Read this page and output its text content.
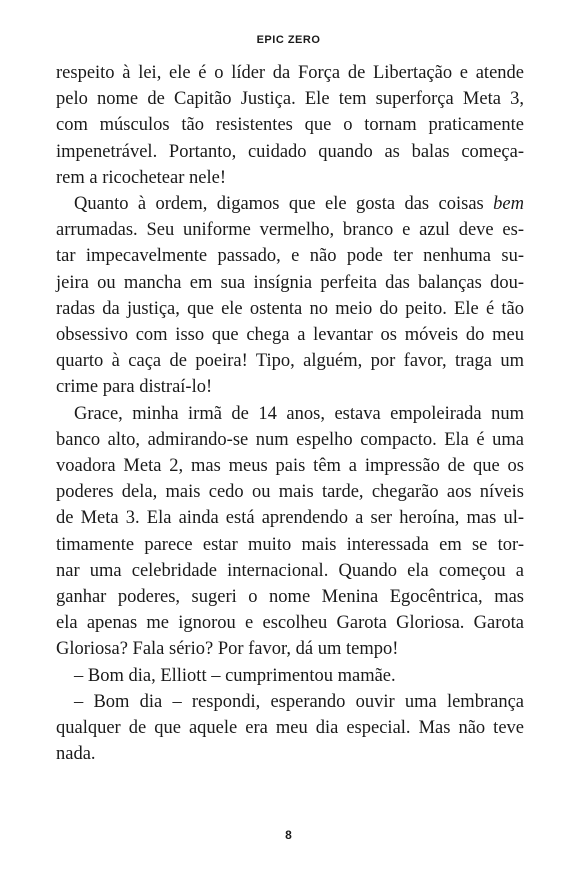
EPIC ZERO
respeito à lei, ele é o líder da Força de Libertação e atende
pelo nome de Capitão Justiça. Ele tem superforça Meta 3,
com músculos tão resistentes que o tornam praticamente
impenetrável. Portanto, cuidado quando as balas começa-
rem a ricochetear nele!
Quanto à ordem, digamos que ele gosta das coisas bem
arrumadas. Seu uniforme vermelho, branco e azul deve es-
tar impecavelmente passado, e não pode ter nenhuma su-
jeira ou mancha em sua insígnia perfeita das balanças dou-
radas da justiça, que ele ostenta no meio do peito. Ele é tão
obsessivo com isso que chega a levantar os móveis do meu
quarto à caça de poeira! Tipo, alguém, por favor, traga um
crime para distraí-lo!
Grace, minha irmã de 14 anos, estava empoleirada num
banco alto, admirando-se num espelho compacto. Ela é uma
voadora Meta 2, mas meus pais têm a impressão de que os
poderes dela, mais cedo ou mais tarde, chegarão aos níveis
de Meta 3. Ela ainda está aprendendo a ser heroína, mas ul-
timamente parece estar muito mais interessada em se tor-
nar uma celebridade internacional. Quando ela começou a
ganhar poderes, sugeri o nome Menina Egocêntrica, mas
ela apenas me ignorou e escolheu Garota Gloriosa. Garota
Gloriosa? Fala sério? Por favor, dá um tempo!
– Bom dia, Elliott – cumprimentou mamãe.
– Bom dia – respondi, esperando ouvir uma lembrança
qualquer de que aquele era meu dia especial. Mas não teve
nada.
8
